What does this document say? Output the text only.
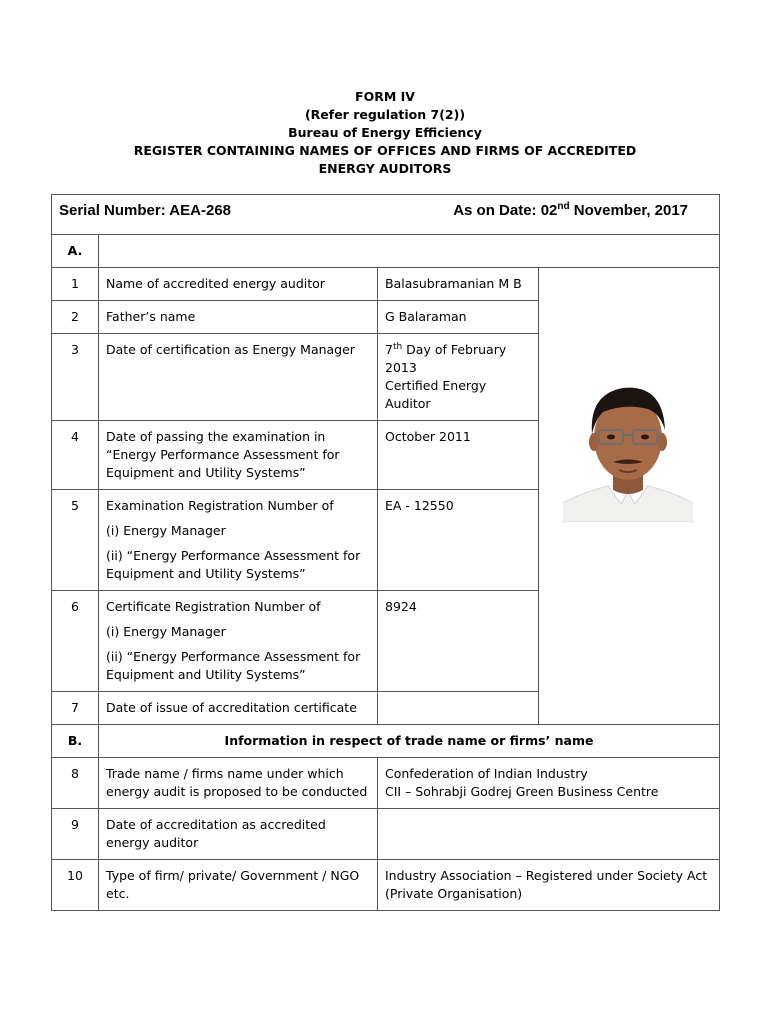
FORM IV
(Refer regulation 7(2))
Bureau of Energy Efficiency
REGISTER CONTAINING NAMES OF OFFICES AND FIRMS OF ACCREDITED
ENERGY AUDITORS
Serial Number: AEA-268 As on Date: 02nd November, 2017			

A.			
1	Name of accredited energy auditor	Balasubramanian M B	

2	Father’s name	G Balaraman	
3	Date of certification as Energy Manager	7th Day of February 2013
Certified Energy Auditor	
4	Date of passing the examination in “Energy Performance Assessment for Equipment and Utility Systems”	October 2011	
5	Examination Registration Number of
(i) Energy Manager
(ii) “Energy Performance Assessment for Equipment and Utility Systems”	EA - 12550	
6	Certificate Registration Number of
(i) Energy Manager
(ii) “Energy Performance Assessment for Equipment and Utility Systems”	8924	
7	Date of issue of accreditation certificate		
B.	Information in respect of trade name or firms’ name		
8	Trade name / firms name under which energy audit is proposed to be conducted	Confederation of Indian Industry
CII – Sohrabji Godrej Green Business Centre	

9	Date of accreditation as accredited energy auditor		
10	Type of firm/ private/ Government / NGO etc.	Industry Association – Registered under Society Act (Private Organisation)	
